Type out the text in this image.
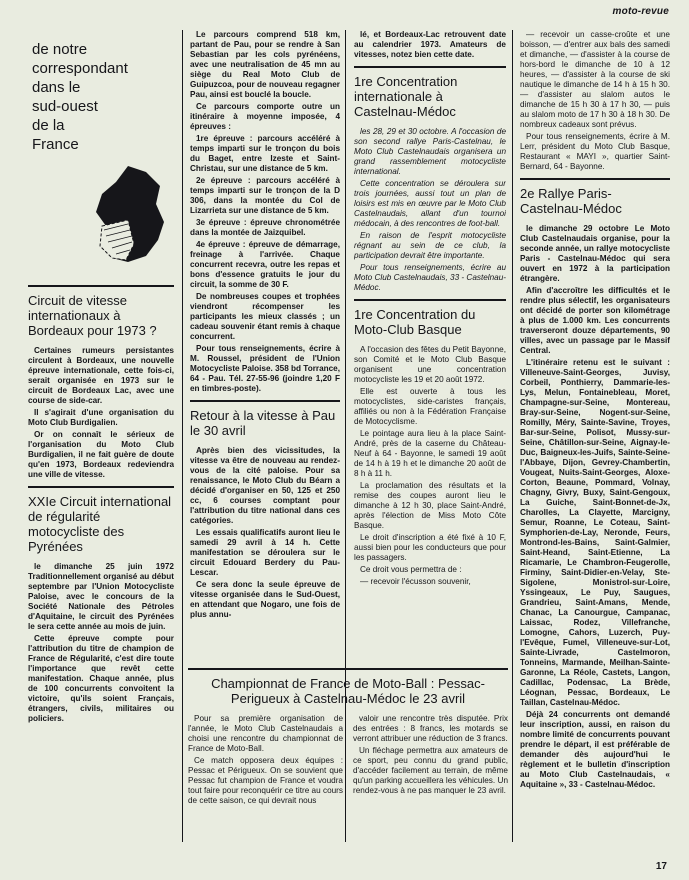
moto-revue
de notre
correspondant
dans le
sud-ouest
de la
France
Circuit de vitesse internationaux à Bordeaux pour 1973 ?
Certaines rumeurs persistantes circulent à Bordeaux, une nouvelle épreuve internationale, cette fois-ci, serait organisée en 1973 sur le circuit de Bordeaux Lac, avec une course de side-car.
Il s'agirait d'une organisation du Moto Club Burdigalien.
Or on connaît le sérieux de l'organisation du Moto Club Burdigalien, il ne fait guère de doute qu'en 1973, Bordeaux redeviendra une ville de vitesse.
XXIe Circuit international de régularité motocycliste des Pyrénées
le dimanche 25 juin 1972 Traditionnellement organisé au début septembre par l'Union Motocycliste Paloise, avec le concours de la Société Nationale des Pétroles d'Aquitaine, le circuit des Pyrénées le sera cette année au mois de juin.
Cette épreuve compte pour l'attribution du titre de champion de France de Régularité, c'est dire toute l'importance que revêt cette manifestation. Chaque année, plus de 100 concurrents convoitent la victoire, qu'ils soient Français, étrangers, civils, militaires ou policiers.
Le parcours comprend 518 km, partant de Pau, pour se rendre à San Sebastian par les cols pyrénéens, avec une neutralisation de 45 mn au siège du Real Moto Club de Guipuzcoa, pour de nouveau regagner Pau, ainsi est bouclé la boucle.
Ce parcours comporte outre un itinéraire à moyenne imposée, 4 épreuves :
1re épreuve : parcours accéléré à temps imparti sur le tronçon du bois du Baget, entre Izeste et Saint-Christau, sur une distance de 5 km.
2e épreuve : parcours accéléré à temps imparti sur le tronçon de la D 306, dans la montée du Col de Lizarrieta sur une distance de 5 km.
3e épreuve : épreuve chronométrée dans la montée de Jaizquibel.
4e épreuve : épreuve de démarrage, freinage à l'arrivée. Chaque concurrent recevra, outre les repas et bons d'essence gratuits le jour du circuit, la somme de 30 F.
De nombreuses coupes et trophées viendront récompenser les participants les mieux classés ; un cadeau souvenir étant remis à chaque concurrent.
Pour tous renseignements, écrire à M. Roussel, président de l'Union Motocycliste Paloise. 358 bd Torrance, 64 - Pau. Tél. 27-55-96 (joindre 1,20 F en timbres-poste).
Retour à la vitesse à Pau le 30 avril
Après bien des vicissitudes, la vitesse va être de nouveau au rendez-vous de la cité paloise. Pour sa renaissance, le Moto Club du Béarn a décidé d'organiser en 50, 125 et 250 cc, 6 courses comptant pour l'attribution du titre national dans ces catégories.
Les essais qualificatifs auront lieu le samedi 29 avril à 14 h. Cette manifestation se déroulera sur le circuit Edouard Berdery du Pau-Lescar.
Ce sera donc la seule épreuve de vitesse organisée dans le Sud-Ouest, en attendant que Nogaro, une fois de plus annu-
lé, et Bordeaux-Lac retrouvent date au calendrier 1973. Amateurs de vitesses, notez bien cette date.
1re Concentration internationale à Castelnau-Médoc
les 28, 29 et 30 octobre. A l'occasion de son second rallye Paris-Castelnau, le Moto Club Castelnaudais organisera un grand rassemblement motocycliste international.
Cette concentration se déroulera sur trois journées, aussi tout un plan de loisirs est mis en œuvre par le Moto Club Castelnaudais, allant d'un tournoi médocain, à des rencontres de foot-ball.
En raison de l'esprit motocycliste régnant au sein de ce club, la participation devrait être importante.
Pour tous renseignements, écrire au Moto Club Castelnaudais, 33 - Castelnau-Médoc.
1re Concentration du Moto-Club Basque
A l'occasion des fêtes du Petit Bayonne, son Comité et le Moto Club Basque organisent une concentration motocycliste les 19 et 20 août 1972.
Elle est ouverte à tous les motocyclistes, side-caristes français, affiliés ou non à la Fédération Française de Motocyclisme.
Le pointage aura lieu à la place Saint-André, près de la caserne du Château-Neuf à 64 - Bayonne, le samedi 19 août de 14 h à 19 h et le dimanche 20 août de 8 h à 11 h.
La proclamation des résultats et la remise des coupes auront lieu le dimanche à 12 h 30, place Saint-André, après l'élection de Miss Moto Côte Basque.
Le droit d'inscription a été fixé à 10 F, aussi bien pour les conducteurs que pour les passagers.
Ce droit vous permettra de :
— recevoir l'écusson souvenir,
— recevoir un casse-croûte et une boisson, — d'entrer aux bals des samedi et dimanche, — d'assister à la course de hors-bord le dimanche de 10 à 12 heures, — d'assister à la course de ski nautique le dimanche de 14 h à 15 h 30. — d'assister au slalom autos le dimanche de 15 h 30 à 17 h 30, — puis au slalom moto de 17 h 30 à 18 h 30. De nombreux cadeaux sont prévus.
Pour tous renseignements, écrire à M. Lerr, président du Moto Club Basque, Restaurant « MAYI », quartier Saint-Bernard, 64 - Bayonne.
2e Rallye Paris-Castelnau-Médoc
le dimanche 29 octobre Le Moto Club Castelnaudais organise, pour la seconde année, un rallye motocycliste Paris - Castelnau-Médoc qui sera ouvert en 1972 à la participation étrangère.
Afin d'accroître les difficultés et le rendre plus sélectif, les organisateurs ont décidé de porter son kilométrage à plus de 1.000 km. Les concurrents traverseront douze départements, 90 villes, avec un passage par le Massif Central.
L'itinéraire retenu est le suivant : Villeneuve-Saint-Georges, Juvisy, Corbeil, Ponthierry, Dammarie-les-Lys, Melun, Fontainebleau, Moret, Champagne-sur-Seine, Montereau, Bray-sur-Seine, Nogent-sur-Seine, Romilly, Méry, Sainte-Savine, Troyes, Bar-sur-Seine, Polisot, Mussy-sur-Seine, Châtillon-sur-Seine, Aignay-le-Duc, Baigneux-les-Juifs, Sainte-Seine-l'Abbaye, Dijon, Gevrey-Chambertin, Vougeat, Nuits-Saint-Georges, Aloxe-Corton, Beaune, Pommard, Volnay, Chagny, Givry, Buxy, Saint-Gengoux, La Guiche, Saint-Bonnet-de-Jx, Charolles, La Clayette, Marcigny, Semur, Roanne, Le Coteau, Saint-Symphorien-de-Lay, Neronde, Feurs, Montrond-les-Bains, Saint-Galmier, Saint-Heand, Saint-Etienne, La Ricamarie, Le Chambron-Feugerolle, Firminy, Saint-Didier-en-Velay, Ste-Sigolene, Monistrol-sur-Loire, Yssingeaux, Le Puy, Saugues, Grandrieu, Saint-Amans, Mende, Chanac, La Canourgue, Campanac, Laissac, Rodez, Villefranche, Lomogne, Cahors, Luzerch, Puy-l'Evêque, Fumel, Villeneuve-sur-Lot, Sainte-Livrade, Castelmoron, Tonneins, Marmande, Meilhan-Sainte-Garonne, La Réole, Castets, Langon, Cadillac, Podensac, La Brède, Léognan, Pessac, Bordeaux, Le Taillan, Castelnau-Médoc.
Déjà 24 concurrents ont demandé leur inscription, aussi, en raison du nombre limité de concurrents pouvant prendre le départ, il est préférable de demander dès aujourd'hui le règlement et le bulletin d'inscription au Moto Club Castelnaudais, « Aquitaine », 33 - Castelnau-Médoc.
Championnat de France de Moto-Ball : Pessac-Perigueux à Castelnau-Médoc le 23 avril
Pour sa première organisation de l'année, le Moto Club Castelnaudais a choisi une rencontre du championnat de France de Moto-Ball.
Ce match opposera deux équipes : Pessac et Périgueux. On se souvient que Pessac fut champion de France et voudra tout faire pour reconquérir ce titre au cours de cette saison, ce qui devrait nous
valoir une rencontre très disputée. Prix des entrées : 8 francs, les motards se verront attribuer une réduction de 3 francs.
Un fléchage permettra aux amateurs de ce sport, peu connu du grand public, d'accéder facilement au terrain, de même qu'un parking accueillera les véhicules. Un rendez-vous à ne pas manquer le 23 avril.
17
